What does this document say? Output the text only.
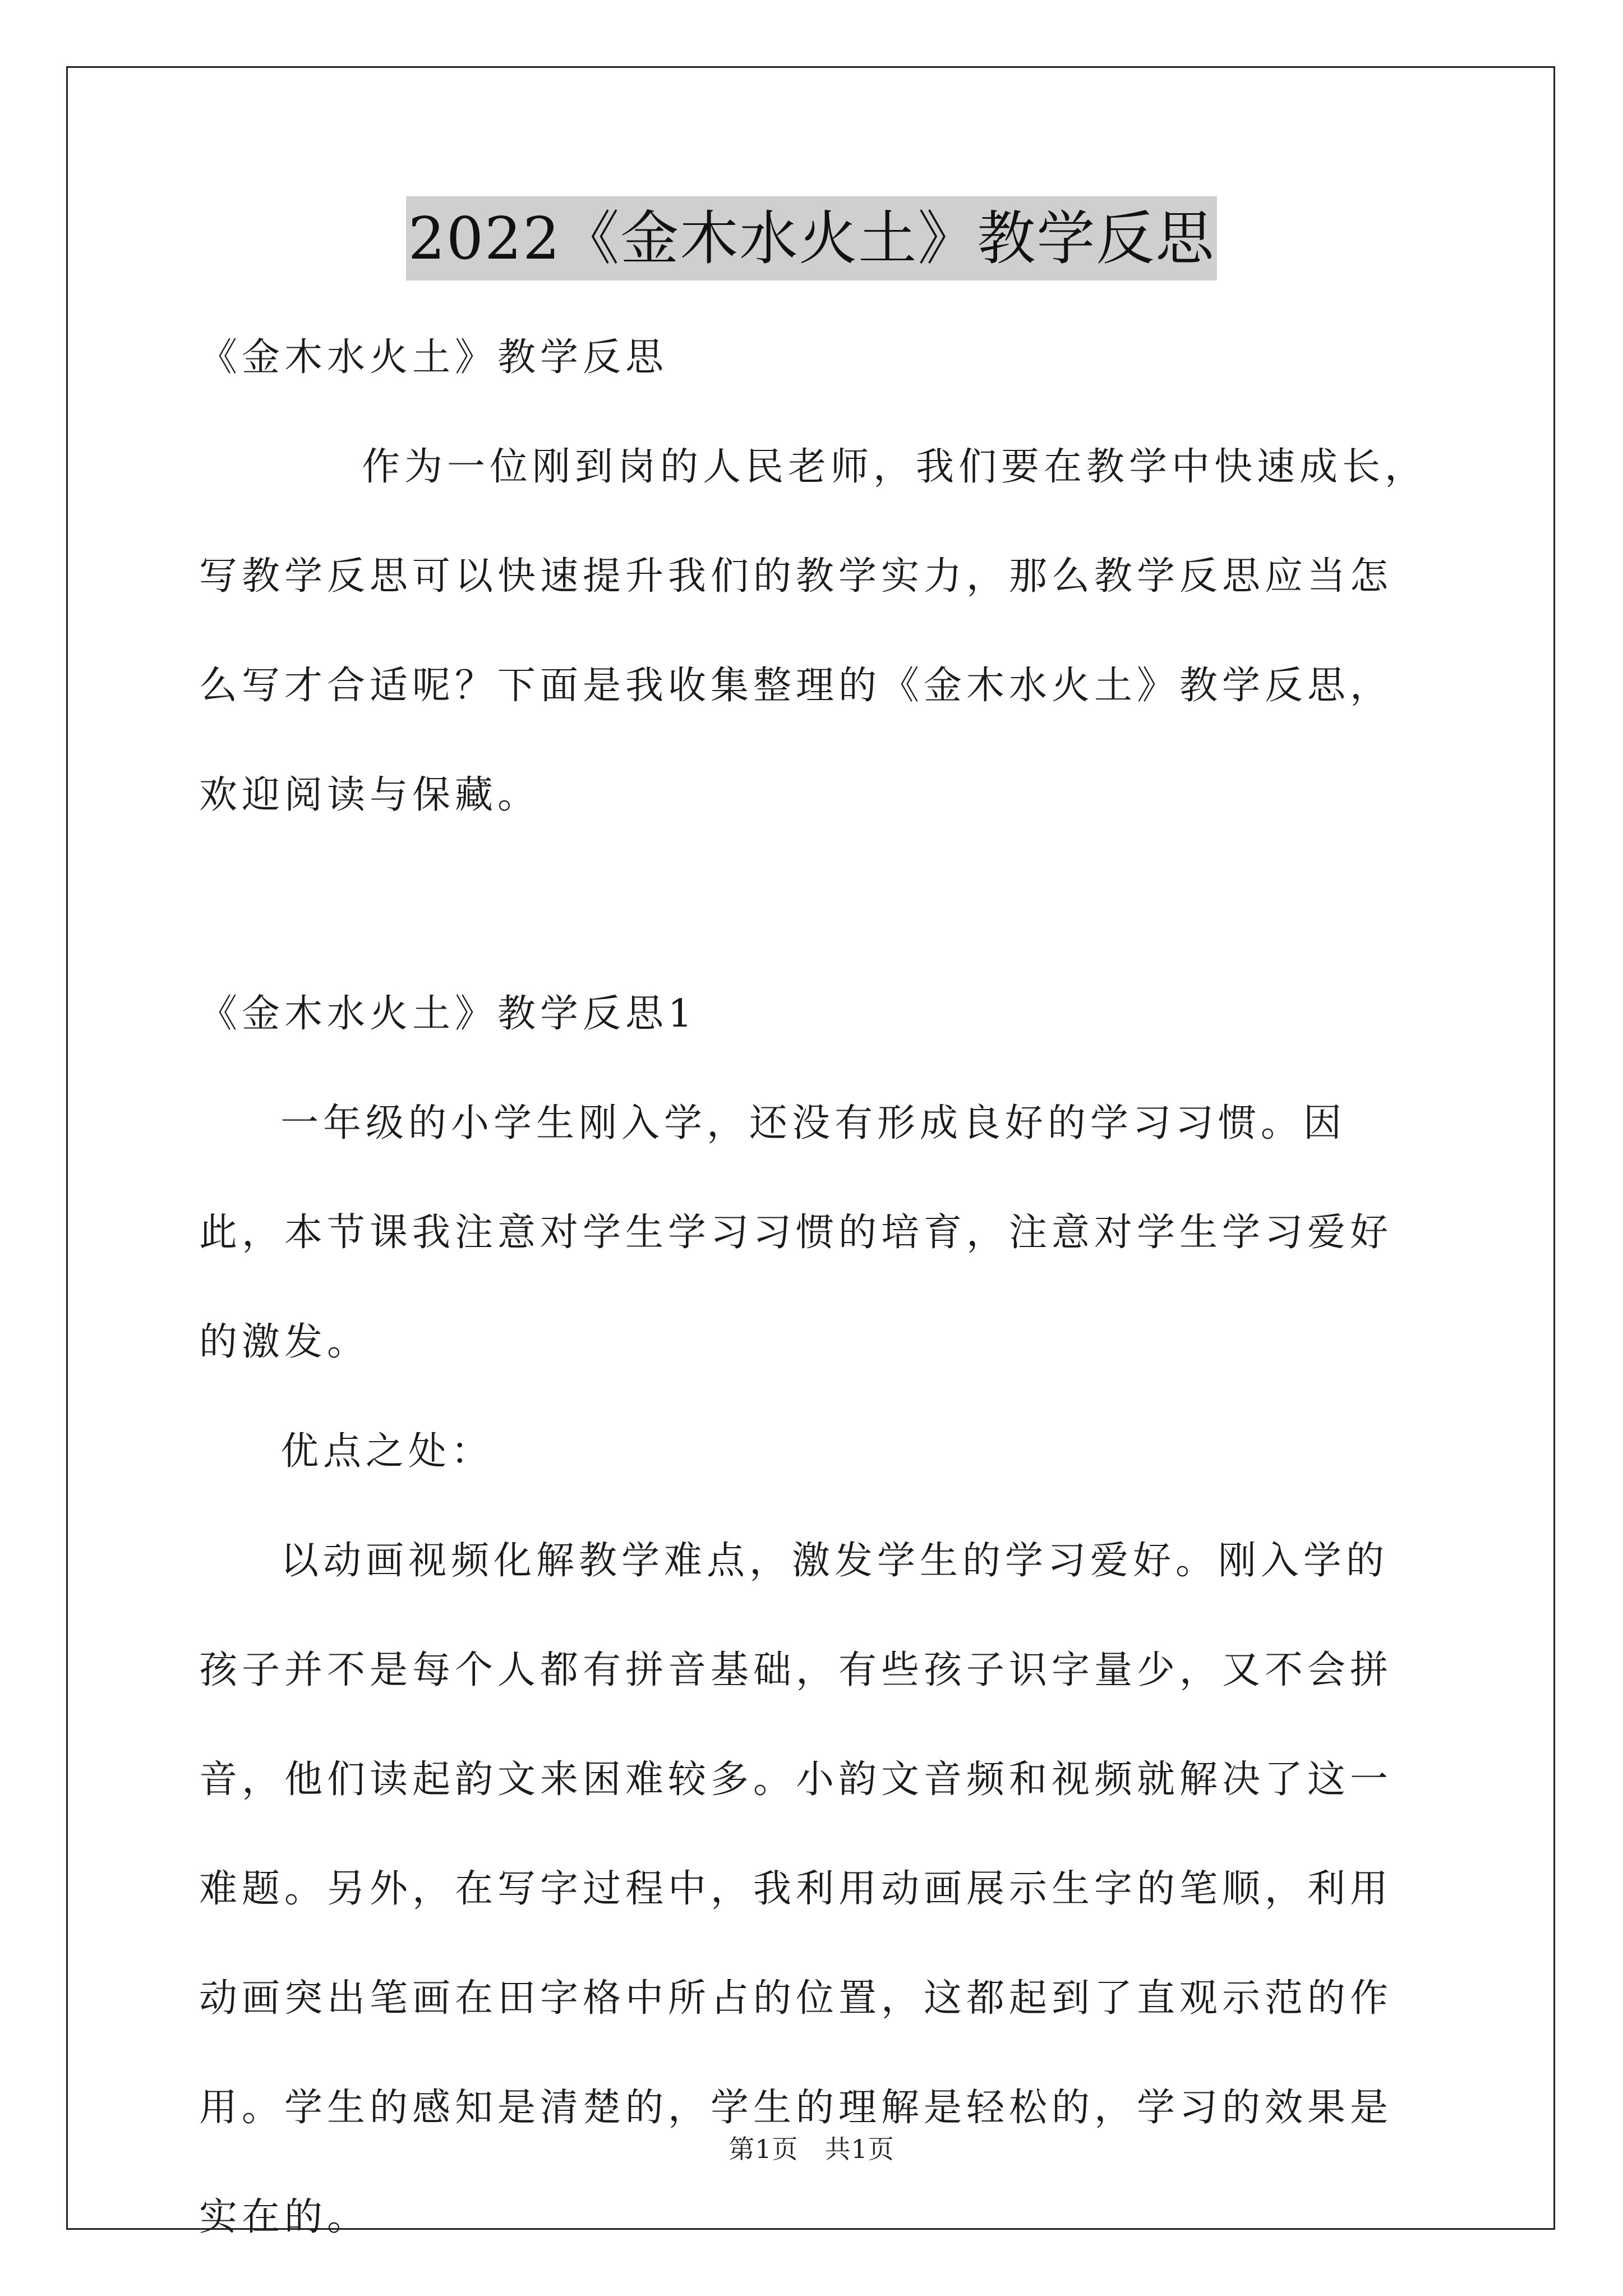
2022《金木水火土》教学反思
《金木水火土》教学反思

作为一位刚到岗的人民老师，我们要在教学中快速成长，写教学反思可以快速提升我们的教学实力，那么教学反思应当怎么写才合适呢？下面是我收集整理的《金木水火土》教学反思，欢迎阅读与保藏。

《金木水火土》教学反思1

一年级的小学生刚入学，还没有形成良好的学习习惯。因此，本节课我注意对学生学习习惯的培育，注意对学生学习爱好的激发。

优点之处：

以动画视频化解教学难点，激发学生的学习爱好。刚入学的孩子并不是每个人都有拼音基础，有些孩子识字量少，又不会拼音，他们读起韵文来困难较多。小韵文音频和视频就解决了这一难题。另外，在写字过程中，我利用动画展示生字的笔顺，利用动画突出笔画在田字格中所占的位置，这都起到了直观示范的作用。学生的感知是清楚的，学生的理解是轻松的，学习的效果是实在的。

第1页　共1页
